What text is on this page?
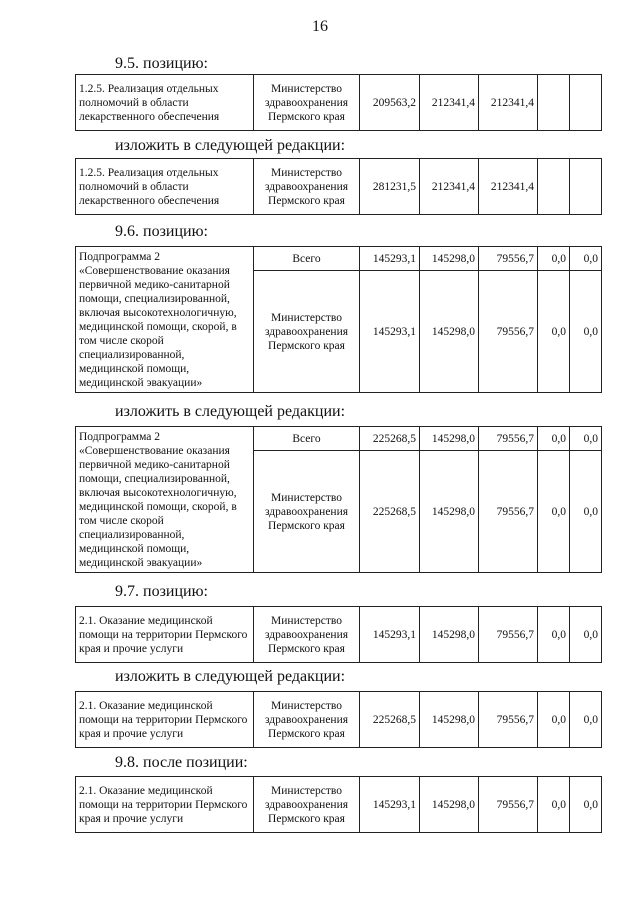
16
9.5. позицию:
1.2.5. Реализация отдельных полномочий в области лекарственного обеспечения	Министерство здравоохранения Пермского края	209563,2	212341,4	212341,4		
изложить в следующей редакции:
1.2.5. Реализация отдельных полномочий в области лекарственного обеспечения	Министерство здравоохранения Пермского края	281231,5	212341,4	212341,4		
9.6. позицию:
Подпрограмма 2 «Совершенствование оказания первичной медико-санитарной помощи, специализированной, включая высокотехнологичную, медицинской помощи, скорой, в том числе скорой специализированной, медицинской помощи, медицинской эвакуации»	Всего	145293,1	145298,0	79556,7	0,0	0,0
	Министерство здравоохранения Пермского края	145293,1	145298,0	79556,7	0,0	0,0
изложить в следующей редакции:
Подпрограмма 2 «Совершенствование оказания первичной медико-санитарной помощи, специализированной, включая высокотехнологичную, медицинской помощи, скорой, в том числе скорой специализированной, медицинской помощи, медицинской эвакуации»	Всего	225268,5	145298,0	79556,7	0,0	0,0
	Министерство здравоохранения Пермского края	225268,5	145298,0	79556,7	0,0	0,0
9.7. позицию:
2.1. Оказание медицинской помощи на территории Пермского края и прочие услуги	Министерство здравоохранения Пермского края	145293,1	145298,0	79556,7	0,0	0,0
изложить в следующей редакции:
2.1. Оказание медицинской помощи на территории Пермского края и прочие услуги	Министерство здравоохранения Пермского края	225268,5	145298,0	79556,7	0,0	0,0
9.8. после позиции:
2.1. Оказание медицинской помощи на территории Пермского края и прочие услуги	Министерство здравоохранения Пермского края	145293,1	145298,0	79556,7	0,0	0,0
